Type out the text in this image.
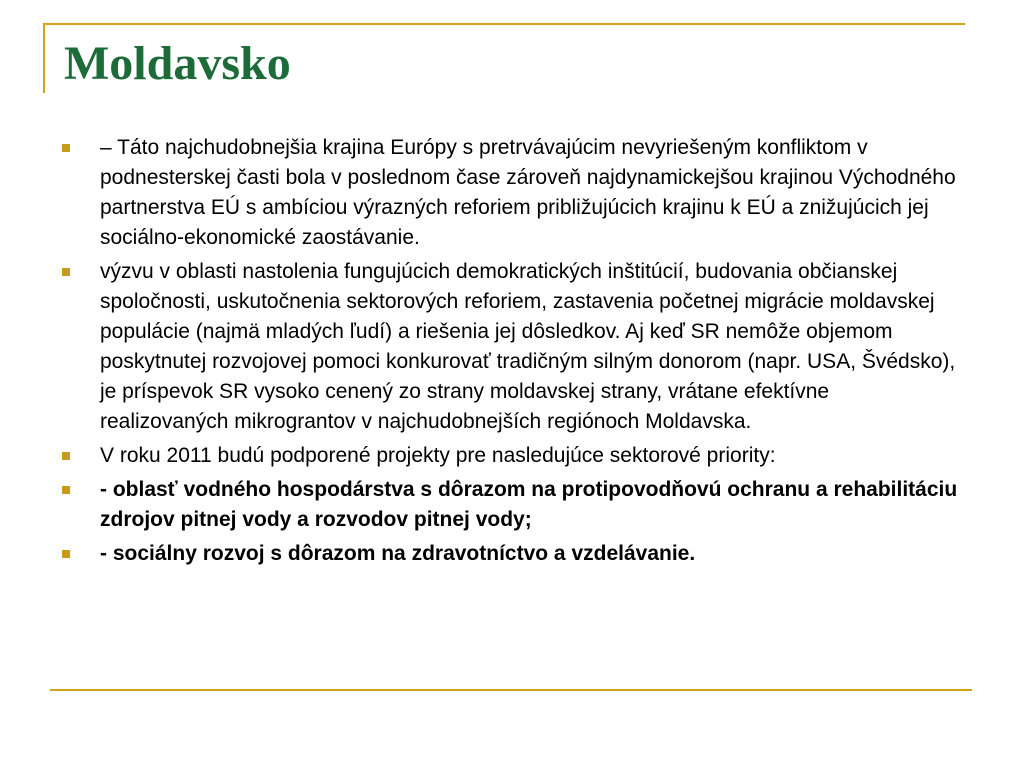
Moldavsko
– Táto najchudobnejšia krajina Európy s pretrvávajúcim nevyriešeným konfliktom v podnesterskej časti bola v poslednom čase zároveň najdynamickejšou krajinou Východného partnerstva EÚ s ambíciou výrazných reforiem približujúcich krajinu k EÚ a znižujúcich jej sociálno-ekonomické zaostávanie.
výzvu v oblasti nastolenia fungujúcich demokratických inštitúcií, budovania občianskej spoločnosti, uskutočnenia sektorových reforiem, zastavenia početnej migrácie moldavskej populácie (najmä mladých ľudí) a riešenia jej dôsledkov. Aj keď SR nemôže objemom poskytnutej rozvojovej pomoci konkurovať tradičným silným donorom (napr. USA, Švédsko), je príspevok SR vysoko cenený zo strany moldavskej strany, vrátane efektívne realizovaných mikrograntov v najchudobnejších regiónoch Moldavska.
V roku 2011 budú podporené projekty pre nasledujúce sektorové priority:
- oblasť vodného hospodárstva s dôrazom na protipovodňovú ochranu a rehabilitáciu zdrojov pitnej vody a rozvodov pitnej vody;
- sociálny rozvoj s dôrazom na zdravotníctvo a vzdelávanie.
